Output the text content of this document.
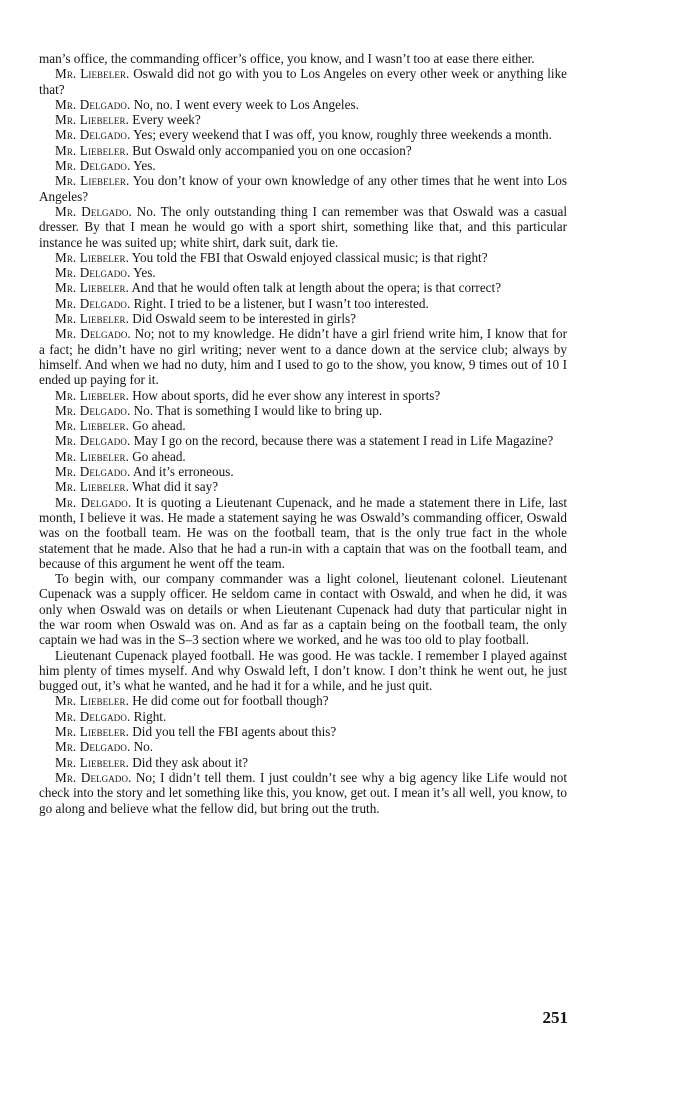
man’s office, the commanding officer’s office, you know, and I wasn’t too at ease there either.

Mr. Liebeler. Oswald did not go with you to Los Angeles on every other week or anything like that?

Mr. Delgado. No, no. I went every week to Los Angeles.

Mr. Liebeler. Every week?

Mr. Delgado. Yes; every weekend that I was off, you know, roughly three weekends a month.

Mr. Liebeler. But Oswald only accompanied you on one occasion?

Mr. Delgado. Yes.

Mr. Liebeler. You don’t know of your own knowledge of any other times that he went into Los Angeles?

Mr. Delgado. No. The only outstanding thing I can remember was that Oswald was a casual dresser. By that I mean he would go with a sport shirt, something like that, and this particular instance he was suited up; white shirt, dark suit, dark tie.

Mr. Liebeler. You told the FBI that Oswald enjoyed classical music; is that right?

Mr. Delgado. Yes.

Mr. Liebeler. And that he would often talk at length about the opera; is that correct?

Mr. Delgado. Right. I tried to be a listener, but I wasn’t too interested.

Mr. Liebeler. Did Oswald seem to be interested in girls?

Mr. Delgado. No; not to my knowledge. He didn’t have a girl friend write him, I know that for a fact; he didn’t have no girl writing; never went to a dance down at the service club; always by himself. And when we had no duty, him and I used to go to the show, you know, 9 times out of 10 I ended up paying for it.

Mr. Liebeler. How about sports, did he ever show any interest in sports?

Mr. Delgado. No. That is something I would like to bring up.

Mr. Liebeler. Go ahead.

Mr. Delgado. May I go on the record, because there was a statement I read in Life Magazine?

Mr. Liebeler. Go ahead.

Mr. Delgado. And it’s erroneous.

Mr. Liebeler. What did it say?

Mr. Delgado. It is quoting a Lieutenant Cupenack, and he made a statement there in Life, last month, I believe it was. He made a statement saying he was Oswald’s commanding officer, Oswald was on the football team. He was on the football team, that is the only true fact in the whole statement that he made. Also that he had a run-in with a captain that was on the football team, and because of this argument he went off the team.

To begin with, our company commander was a light colonel, lieutenant colonel. Lieutenant Cupenack was a supply officer. He seldom came in contact with Oswald, and when he did, it was only when Oswald was on details or when Lieutenant Cupenack had duty that particular night in the war room when Oswald was on. And as far as a captain being on the football team, the only captain we had was in the S–3 section where we worked, and he was too old to play football.

Lieutenant Cupenack played football. He was good. He was tackle. I remember I played against him plenty of times myself. And why Oswald left, I don’t know. I don’t think he went out, he just bugged out, it’s what he wanted, and he had it for a while, and he just quit.

Mr. Liebeler. He did come out for football though?

Mr. Delgado. Right.

Mr. Liebeler. Did you tell the FBI agents about this?

Mr. Delgado. No.

Mr. Liebeler. Did they ask about it?

Mr. Delgado. No; I didn’t tell them. I just couldn’t see why a big agency like Life would not check into the story and let something like this, you know, get out. I mean it’s all well, you know, to go along and believe what the fellow did, but bring out the truth.

251
